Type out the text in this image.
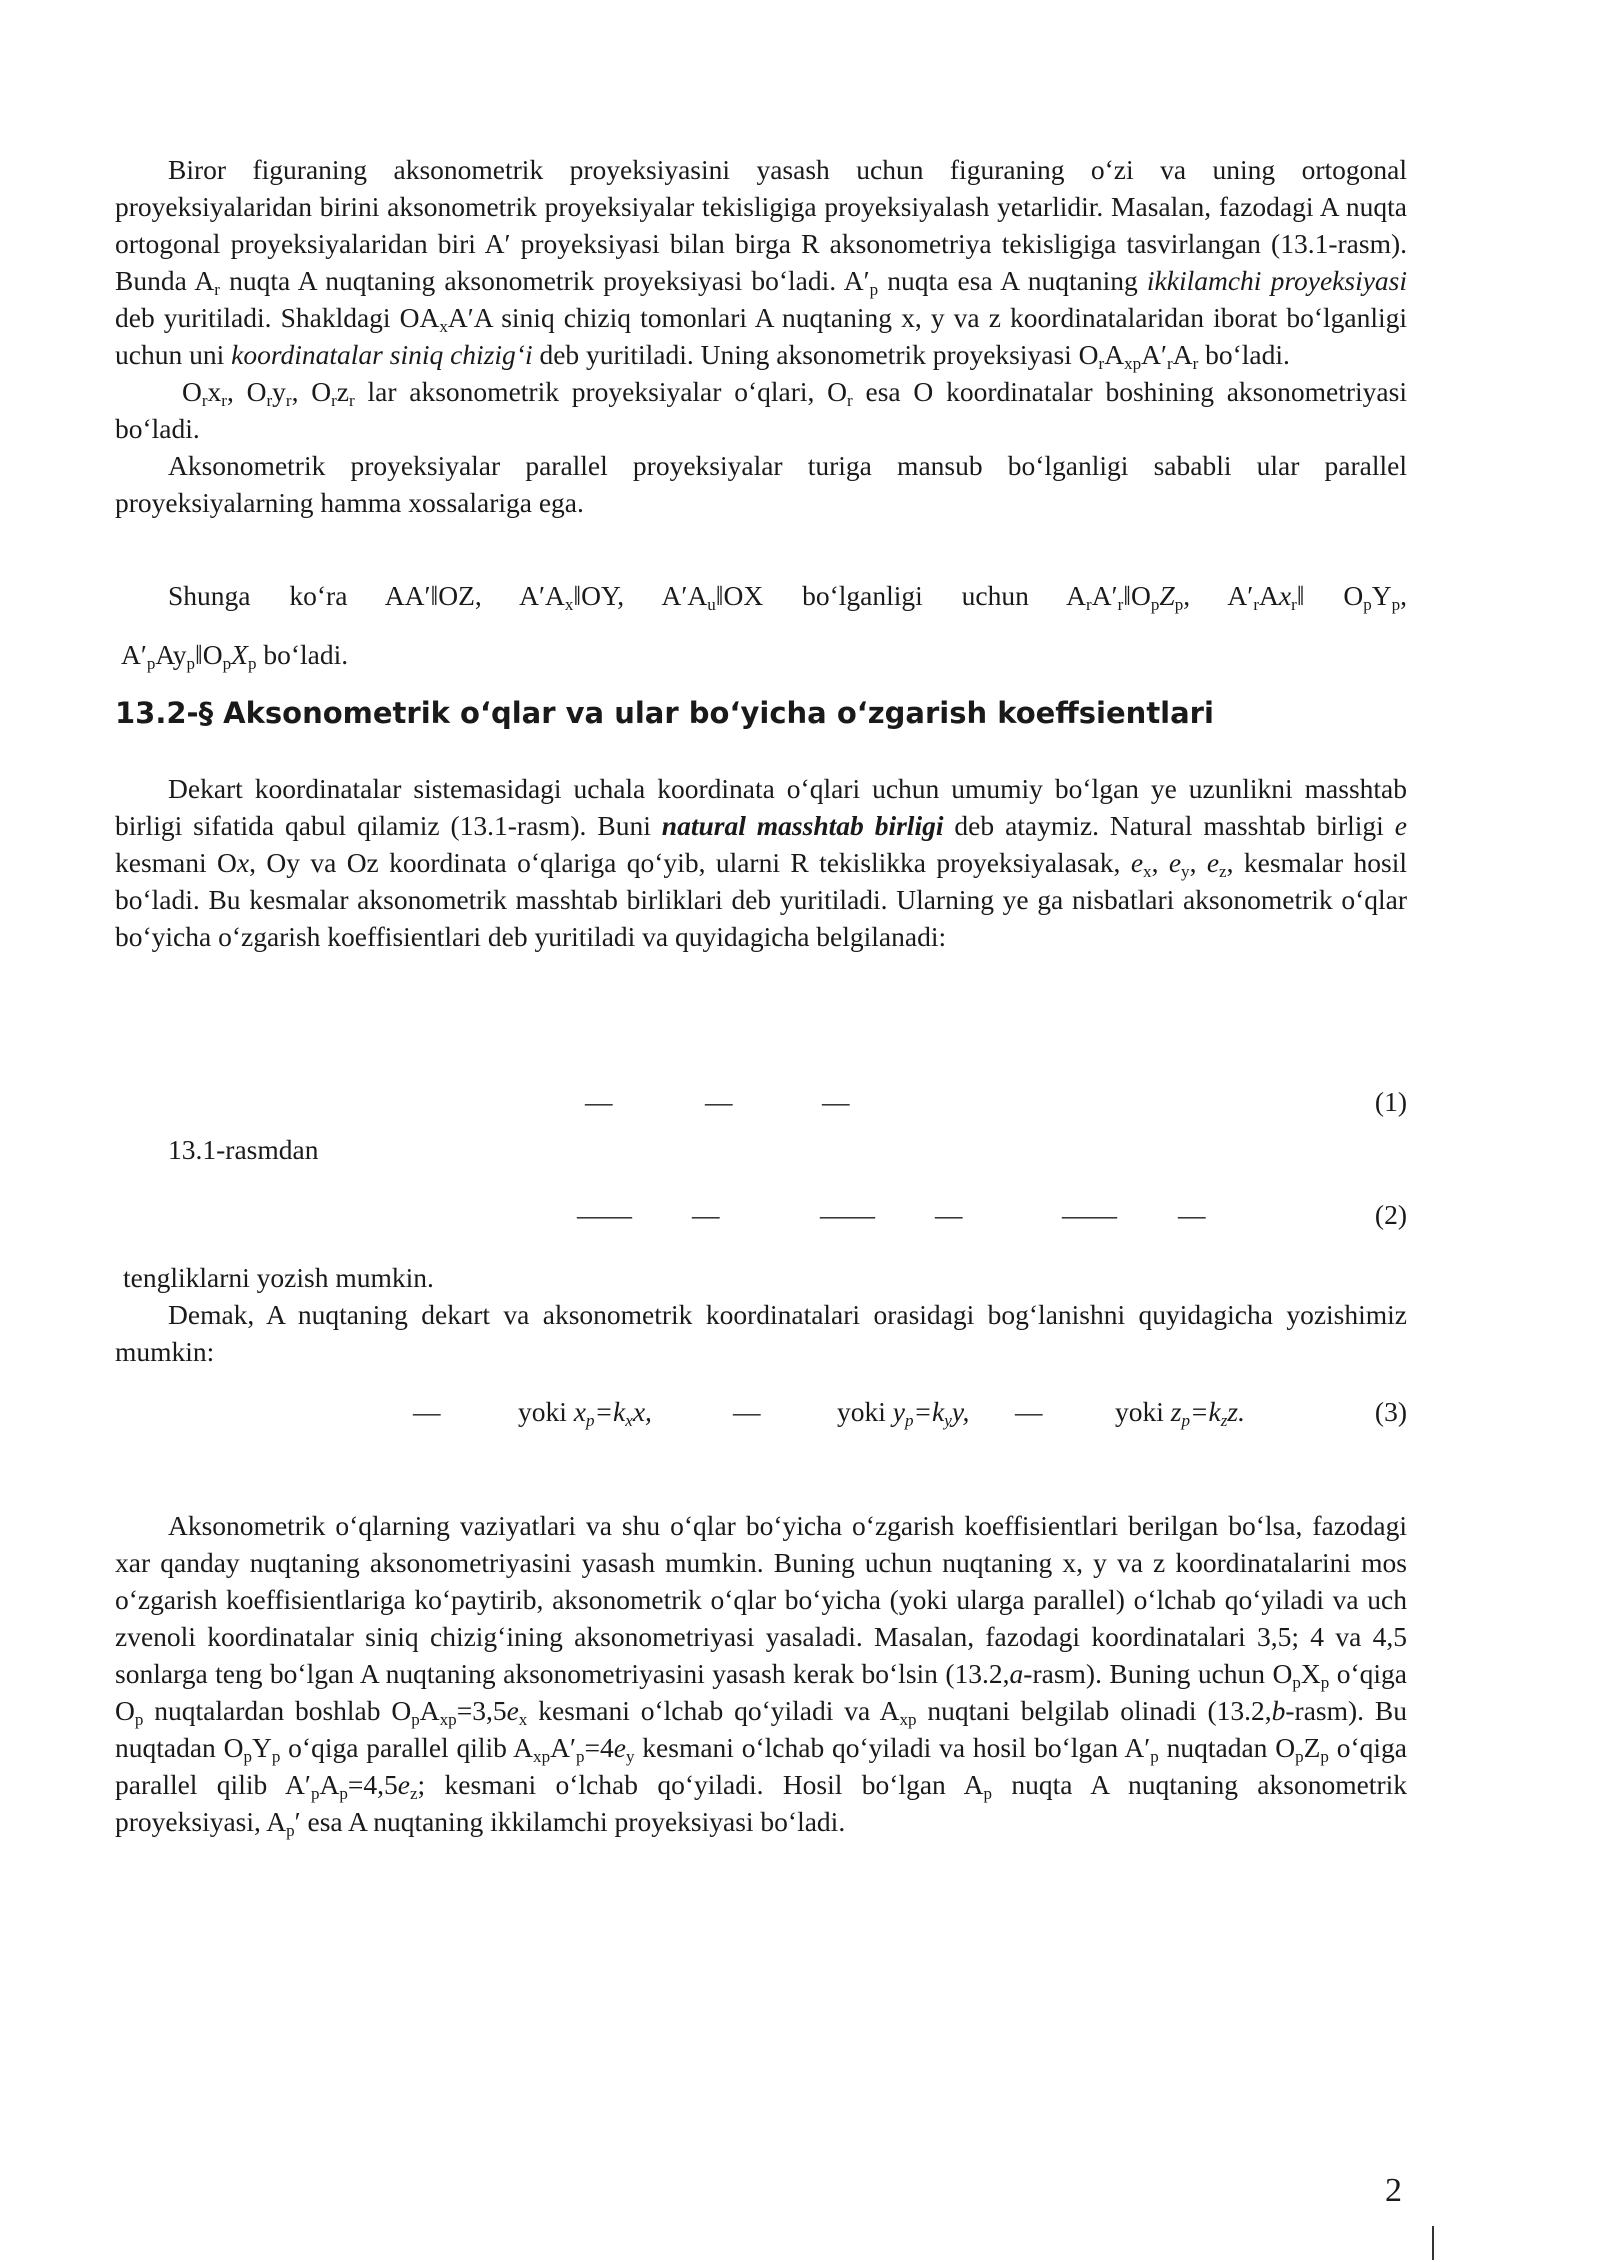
Biror figuraning aksonometrik proyeksiyasini yasash uchun figuraning oʻzi va uning ortogonal proyeksiyalaridan birini aksonometrik proyeksiyalar tekisligiga proyeksiyalash yetarlidir. Masalan, fazodagi A nuqta ortogonal proyeksiyalaridan biri A′ proyeksiyasi bilan birga R aksonometriya tekisligiga tasvirlangan (13.1-rasm). Bunda $A_r$ nuqta A nuqtaning aksonometrik proyeksiyasi boʻladi. $A'_p$ nuqta esa A nuqtaning ikkilamchi proyeksiyasi deb yuritiladi. Shakldagi $OA_xA'A$ siniq chiziq tomonlari A nuqtaning x, y va z koordinatalaridan iborat boʻlganligi uchun uni koordinatalar siniq chizigʻi deb yuritiladi. Uning aksonometrik proyeksiyasi $O_rA_{xp}A'_rA_r$ boʻladi.

$O_rx_r$, $O_ry_r$, $O_rz_r$ lar aksonometrik proyeksiyalar oʻqlari, $O_r$ esa O koordinatalar boshining aksonometriyasi boʻladi.

Aksonometrik proyeksiyalar parallel proyeksiyalar turiga mansub boʻlganligi sababli ular parallel proyeksiyalarning hamma xossalariga ega.

Shunga koʻra AA′‖OZ, $A'A_x‖OY$, $A'A_u‖OX$ boʻlganligi uchun $A_rA'_r‖O_pZ_p$, $A'_rAx_r‖$ $O_pY_p$,

$A'_pAy_p‖O_pX_p$ boʻladi.

13.2-§ Aksonometrik oʻqlar va ular boʻyicha oʻzgarish koeffsientlari

Dekart koordinatalar sistemasidagi uchala koordinata oʻqlari uchun umumiy boʻlgan ye uzunlikni masshtab birligi sifatida qabul qilamiz (13.1-rasm). Buni natural masshtab birligi deb ataymiz. Natural masshtab birligi e kesmani Ox, Oy va Oz koordinata oʻqlariga qoʻyib, ularni R tekislikka proyeksiyalasak, $e_x$, $e_y$, $e_z$, kesmalar hosil boʻladi. Bu kesmalar aksonometrik masshtab birliklari deb yuritiladi. Ularning ye ga nisbatlari aksonometrik oʻqlar boʻyicha oʻzgarish koeffisientlari deb yuritiladi va quyidagicha belgilanadi:

—	—	—	(1)
13.1-rasmdan
—— —	—— —	—— —	(2)

tengliklarni yozish mumkin.

Demak, A nuqtaning dekart va aksonometrik koordinatalari orasidagi bogʻlanishni quyidagicha yozishimiz mumkin:

—	yoki $x_p=k_xx$,	—	yoki $y_p=k_yy$, —	yoki $z_p=k_zz$.	(3)

Aksonometrik oʻqlarning vaziyatlari va shu oʻqlar boʻyicha oʻzgarish koeffisientlari berilgan boʻlsa, fazodagi xar qanday nuqtaning aksonometriyasini yasash mumkin. Buning uchun nuqtaning x, y va z koordinatalarini mos oʻzgarish koeffisientlariga koʻpaytirib, aksonometrik oʻqlar boʻyicha (yoki ularga parallel) oʻlchab qoʻyiladi va uch zvenoli koordinatalar siniq chizigʻining aksonometriyasi yasaladi. Masalan, fazodagi koordinatalari 3,5; 4 va 4,5 sonlarga teng boʻlgan A nuqtaning aksonometriyasini yasash kerak boʻlsin (13.2,a-rasm). Buning uchun $O_pX_p$ oʻqiga $O_p$ nuqtalardan boshlab $O_pA_{xp}=3,5e_x$ kesmani oʻlchab qoʻyiladi va $A_{xp}$ nuqtani belgilab olinadi (13.2,b-rasm). Bu nuqtadan $O_pY_p$ oʻqiga parallel qilib $A_{xp}A'_p=4e_y$ kesmani oʻlchab qoʻyiladi va hosil boʻlgan $A'_p$ nuqtadan $O_pZ_p$ oʻqiga parallel qilib $A'_pA_p=4,5e_z$; kesmani oʻlchab qoʻyiladi. Hosil boʻlgan $A_p$ nuqta A nuqtaning aksonometrik proyeksiyasi, $A_p'$ esa A nuqtaning ikkilamchi proyeksiyasi boʻladi.

2
